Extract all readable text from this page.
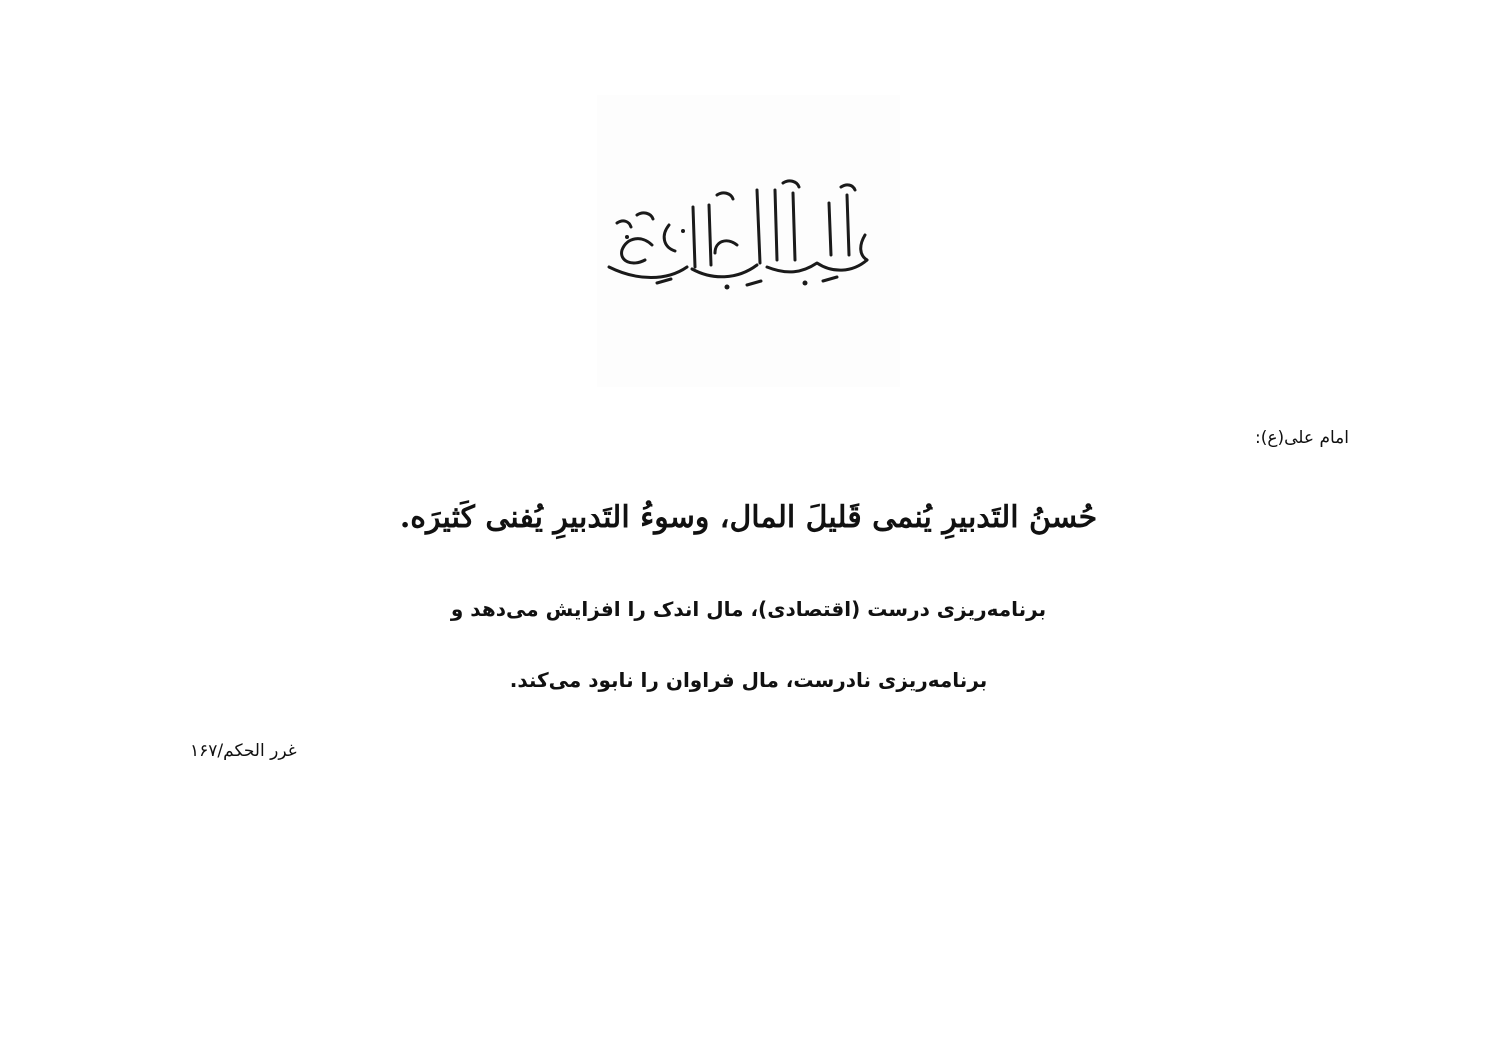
امام علی(ع):
حُسنُ التَدبیرِ یُنمی قَلیلَ المال، وسوءُ التَدبیرِ یُفنی کَثیرَه.
برنامه‌ریزی درست (اقتصادی)، مال اندک را افزایش می‌دهد و
برنامه‌ریزی نادرست، مال فراوان را نابود می‌کند.
غرر الحکم/۱۶۷
